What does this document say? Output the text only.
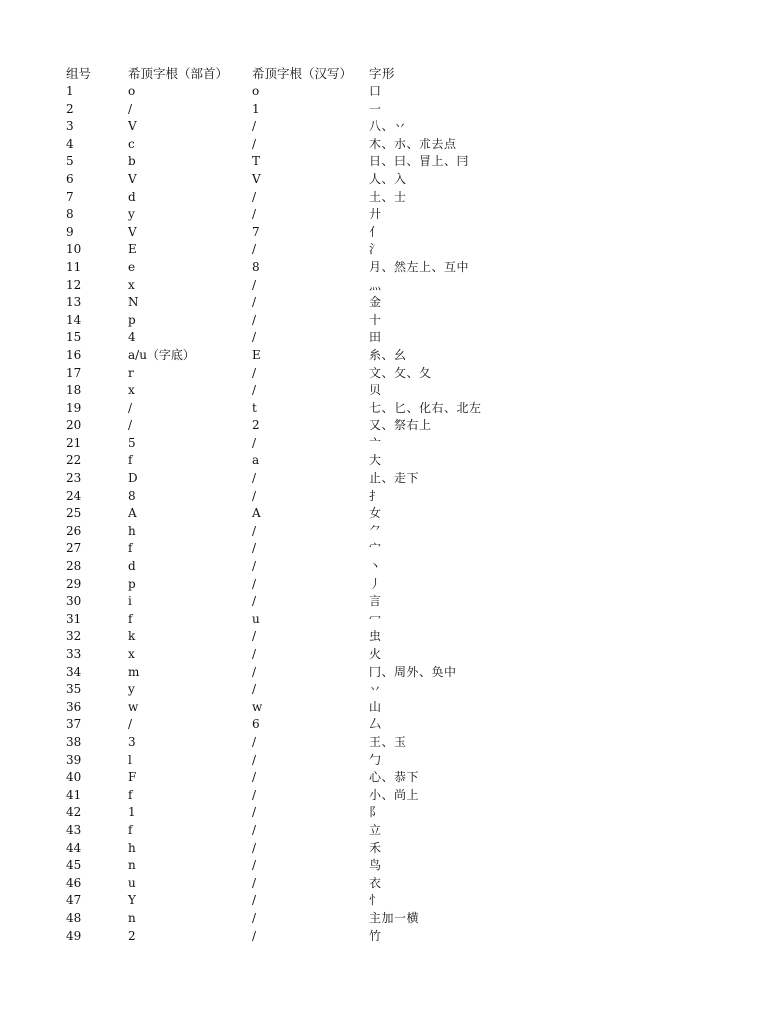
组号	希顶字根（部首） 希顶字根（汉写） 字形
1	o	o	口
2	/	1	一
3	V	/	八、丷
4	c	/	木、朩、朮去点
5	b	T	日、曰、冒上、冃
6	V	V	人、入
7	d	/	土、士
8	y	/	廾
9	V	7	亻
10	E	/	氵
11	e	8	月、然左上、互中
12	x	/	灬
13	N	/	金
14	p	/	十
15	4	/	田
16	a/u（字底）	E	糸、幺
17	r	/	文、攵、夂
18	x	/	贝
19	/	t	七、匕、化右、北左
20	/	2	又、祭右上
21	5	/	亠
22	f	a	大
23	D	/	止、走下
24	8	/	扌
25	A	A	女
26	h	/	⺈
27	f	/	宀
28	d	/	丶
29	p	/	丿
30	i	/	言
31	f	u	冖
32	k	/	虫
33	x	/	火
34	m	/	冂、周外、奂中
35	y	/	丷
36	w	w	山
37	/	6	厶
38	3	/	王、玉
39	l	/	勹
40	F	/	心、恭下
41	f	/	小、尚上
42	1	/	阝
43	f	/	立
44	h	/	禾
45	n	/	鸟
46	u	/	衣
47	Y	/	忄
48	n	/	主加一横
49	2	/	竹
